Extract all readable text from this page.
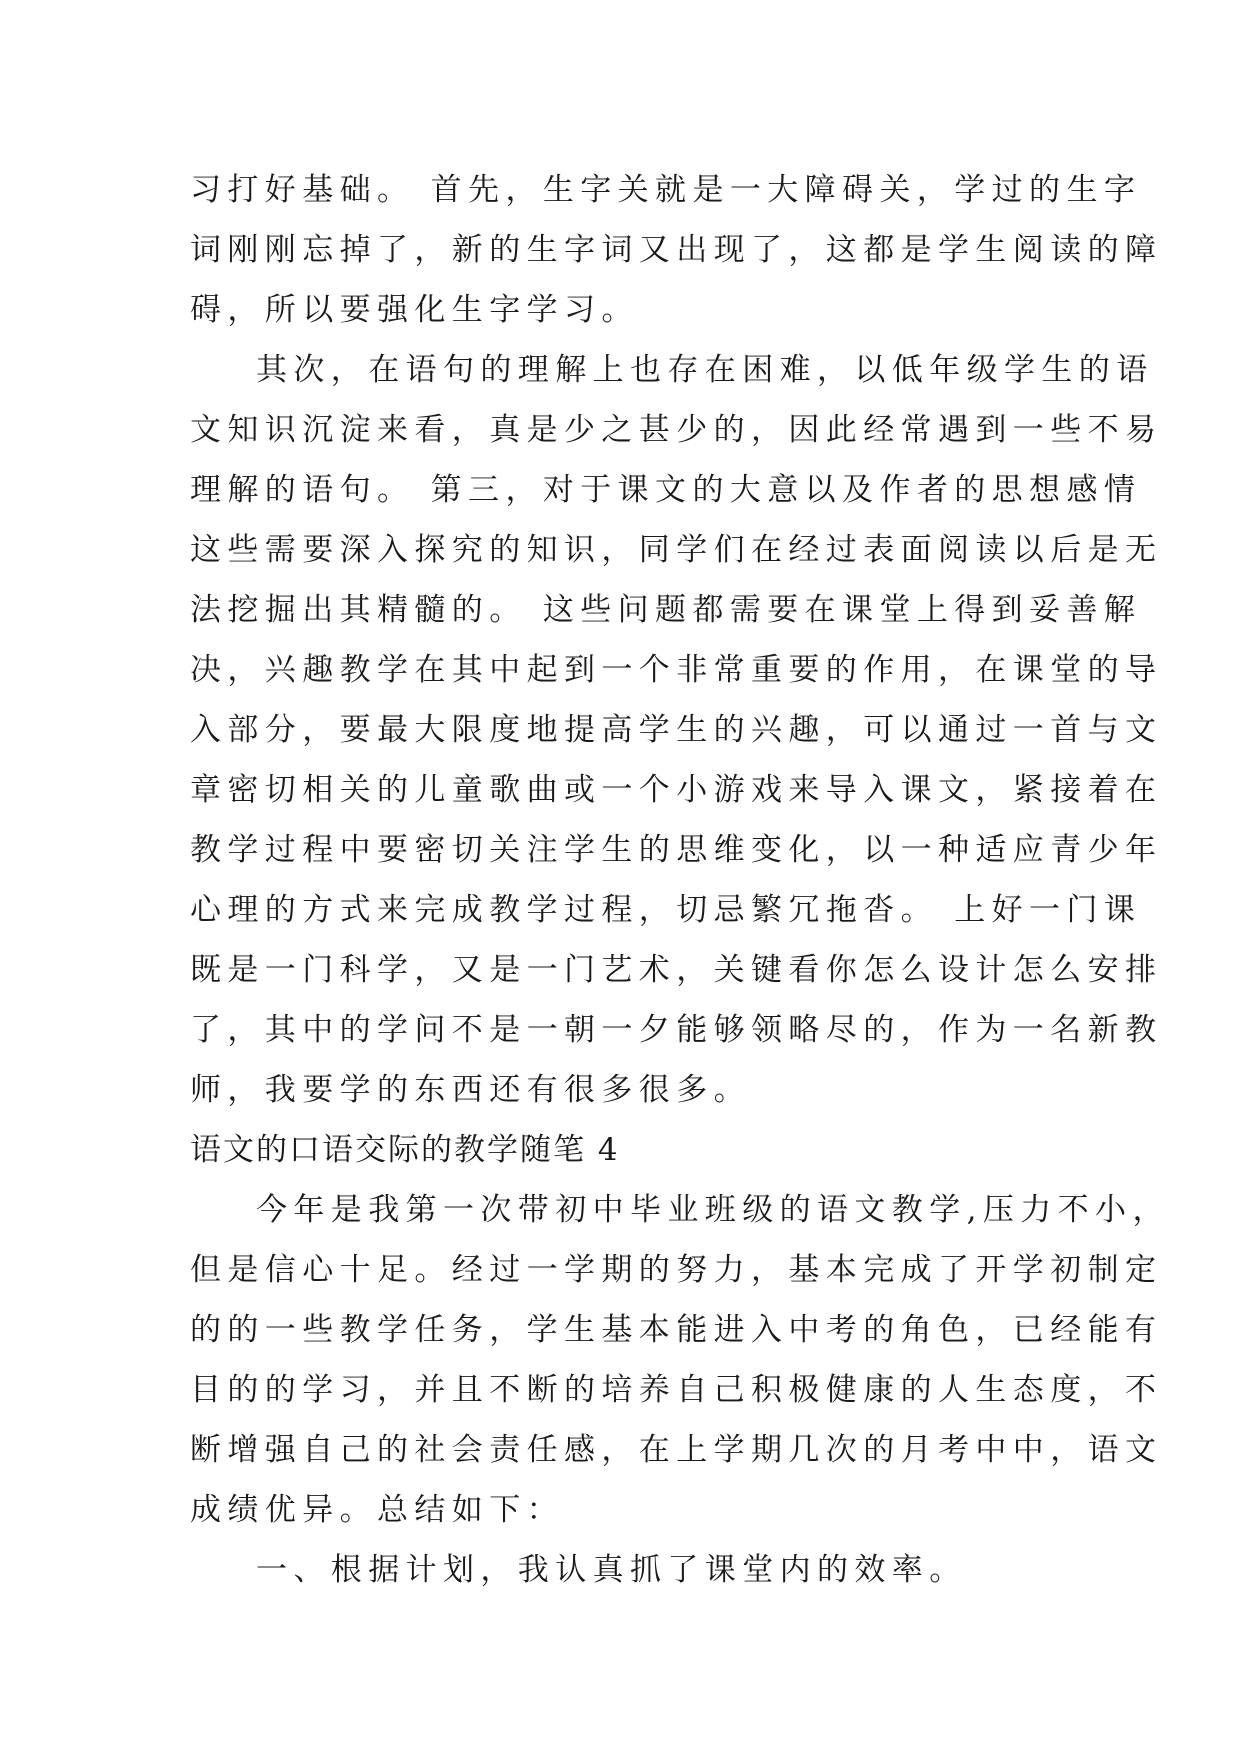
习打好基础。 首先，生字关就是一大障碍关，学过的生字
词刚刚忘掉了，新的生字词又出现了，这都是学生阅读的障
碍，所以要强化生字学习。
其次，在语句的理解上也存在困难，以低年级学生的语
文知识沉淀来看，真是少之甚少的，因此经常遇到一些不易
理解的语句。 第三，对于课文的大意以及作者的思想感情
这些需要深入探究的知识，同学们在经过表面阅读以后是无
法挖掘出其精髓的。 这些问题都需要在课堂上得到妥善解
决，兴趣教学在其中起到一个非常重要的作用，在课堂的导
入部分，要最大限度地提高学生的兴趣，可以通过一首与文
章密切相关的儿童歌曲或一个小游戏来导入课文，紧接着在
教学过程中要密切关注学生的思维变化，以一种适应青少年
心理的方式来完成教学过程，切忌繁冗拖沓。 上好一门课
既是一门科学，又是一门艺术，关键看你怎么设计怎么安排
了，其中的学问不是一朝一夕能够领略尽的，作为一名新教
师，我要学的东西还有很多很多。
语文的口语交际的教学随笔 4
今年是我第一次带初中毕业班级的语文教学,压力不小，
但是信心十足。经过一学期的努力，基本完成了开学初制定
的的一些教学任务，学生基本能进入中考的角色，已经能有
目的的学习，并且不断的培养自己积极健康的人生态度，不
断增强自己的社会责任感，在上学期几次的月考中中，语文
成绩优异。总结如下：
一、根据计划，我认真抓了课堂内的效率。
